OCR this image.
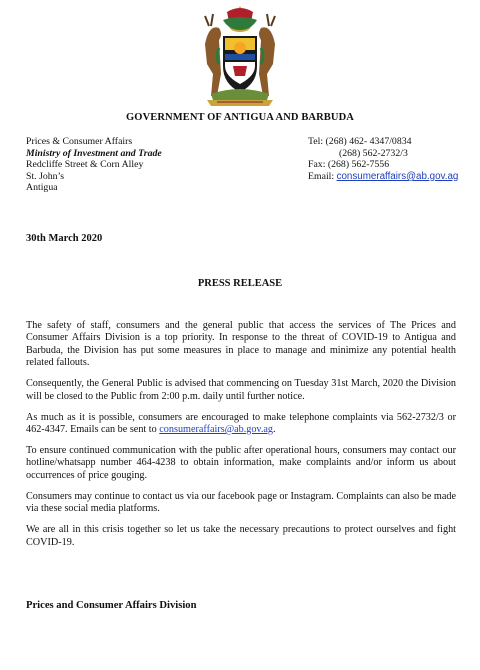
GOVERNMENT OF ANTIGUA AND BARBUDA
Prices & Consumer Affairs
Ministry of Investment and Trade
Redcliffe Street & Corn Alley
St. John’s
Antigua
Tel: (268) 462- 4347/0834
(268) 562-2732/3
Fax: (268) 562-7556
Email: consumeraffairs@ab.gov.ag
30th March 2020
PRESS RELEASE

The safety of staff, consumers and the general public that access the services of The Prices and Consumer Affairs Division is a top priority. In response to the threat of COVID-19 to Antigua and Barbuda, the Division has put some measures in place to manage and minimize any potential health related fallouts.

Consequently, the General Public is advised that commencing on Tuesday 31st March, 2020 the Division will be closed to the Public from 2:00 p.m. daily until further notice.

As much as it is possible, consumers are encouraged to make telephone complaints via 562-2732/3 or 462-4347. Emails can be sent to consumeraffairs@ab.gov.ag.

To ensure continued communication with the public after operational hours, consumers may contact our hotline/whatsapp number 464-4238 to obtain information, make complaints and/or inform us about occurrences of price gouging.

Consumers may continue to contact us via our facebook page or Instagram. Complaints can also be made via these social media platforms.

We are all in this crisis together so let us take the necessary precautions to protect ourselves and fight COVID-19.

Prices and Consumer Affairs Division
